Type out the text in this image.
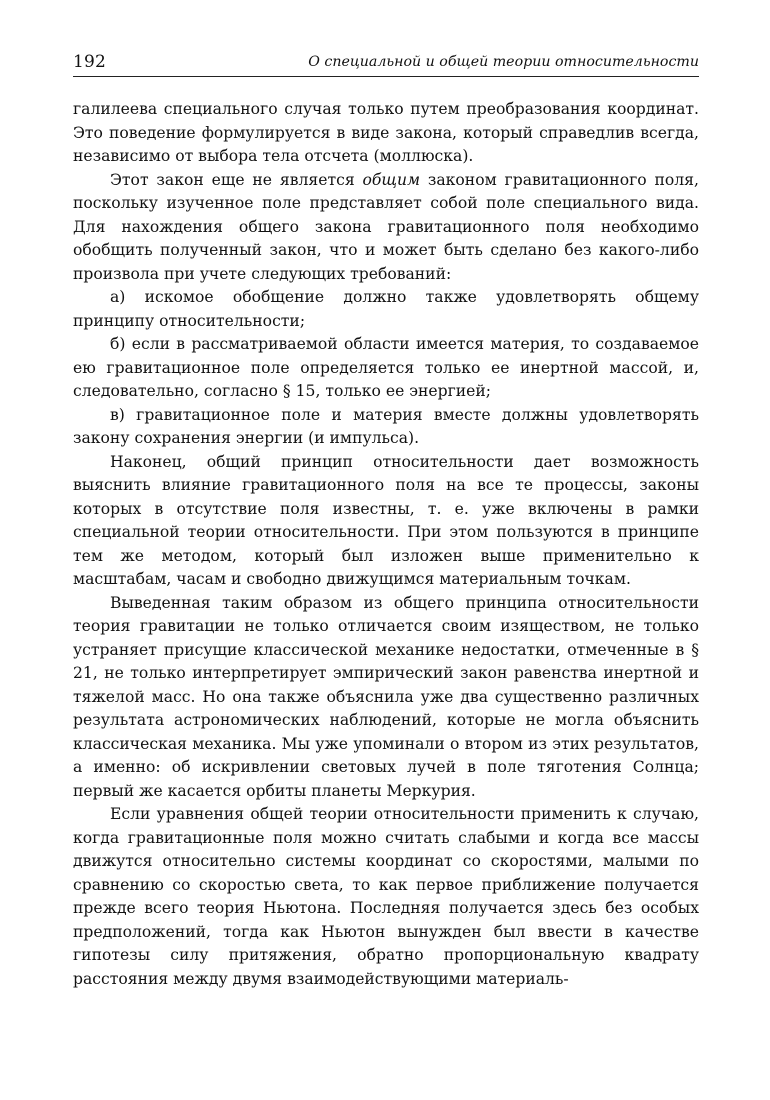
192	О специальной и общей теории относительности

галилеева специального случая только путем преобразования координат. Это поведение формулируется в виде закона, который справедлив всегда, независимо от выбора тела отсчета (моллюска).

Этот закон еще не является общим законом гравитационного поля, поскольку изученное поле представляет собой поле специального вида. Для нахождения общего закона гравитационного поля необходимо обобщить полученный закон, что и может быть сделано без какого-либо произвола при учете следующих требований:

а) искомое обобщение должно также удовлетворять общему принципу относительности;

б) если в рассматриваемой области имеется материя, то создаваемое ею гравитационное поле определяется только ее инертной массой, и, следовательно, согласно § 15, только ее энергией;

в) гравитационное поле и материя вместе должны удовлетворять закону сохранения энергии (и импульса).

Наконец, общий принцип относительности дает возможность выяснить влияние гравитационного поля на все те процессы, законы которых в отсутствие поля известны, т. е. уже включены в рамки специальной теории относительности. При этом пользуются в принципе тем же методом, который был изложен выше применительно к масштабам, часам и свободно движущимся материальным точкам.

Выведенная таким образом из общего принципа относительности теория гравитации не только отличается своим изяществом, не только устраняет присущие классической механике недостатки, отмеченные в § 21, не только интерпретирует эмпирический закон равенства инертной и тяжелой масс. Но она также объяснила уже два существенно различных результата астрономических наблюдений, которые не могла объяснить классическая механика. Мы уже упоминали о втором из этих результатов, а именно: об искривлении световых лучей в поле тяготения Солнца; первый же касается орбиты планеты Меркурия.

Если уравнения общей теории относительности применить к случаю, когда гравитационные поля можно считать слабыми и когда все массы движутся относительно системы координат со скоростями, малыми по сравнению со скоростью света, то как первое приближение получается прежде всего теория Ньютона. Последняя получается здесь без особых предположений, тогда как Ньютон вынужден был ввести в качестве гипотезы силу притяжения, обратно пропорциональную квадрату расстояния между двумя взаимодействующими материаль-
